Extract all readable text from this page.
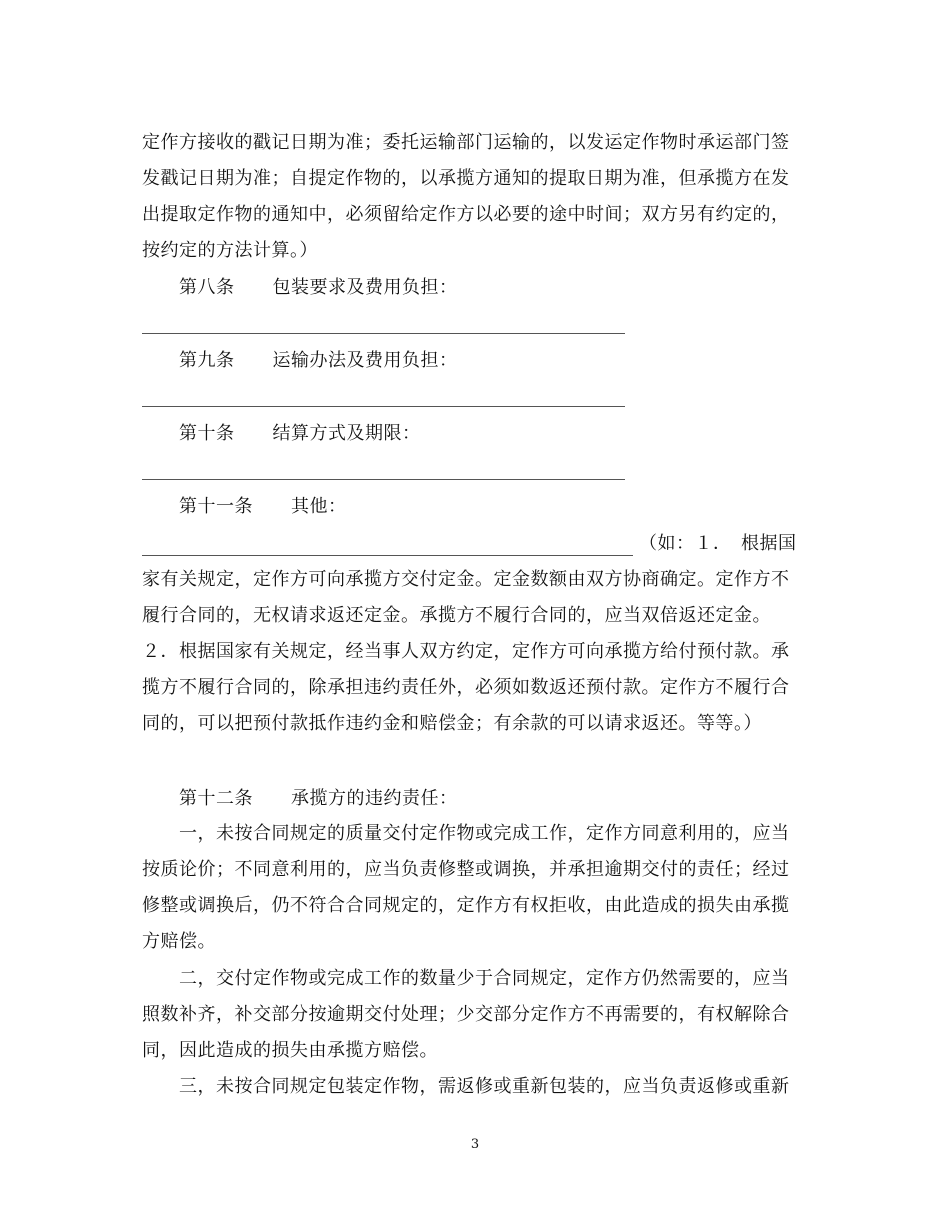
定作方接收的戳记日期为准；委托运输部门运输的，以发运定作物时承运部门签
发戳记日期为准；自提定作物的，以承揽方通知的提取日期为准，但承揽方在发
出提取定作物的通知中，必须留给定作方以必要的途中时间；双方另有约定的，
按约定的方法计算。）
第八条 包装要求及费用负担：
第九条 运输办法及费用负担：
第十条 结算方式及期限：
第十一条 其他：
（如：１．　根据国
家有关规定，定作方可向承揽方交付定金。定金数额由双方协商确定。定作方不
履行合同的，无权请求返还定金。承揽方不履行合同的，应当双倍返还定金。
２．根据国家有关规定，经当事人双方约定，定作方可向承揽方给付预付款。承
揽方不履行合同的，除承担违约责任外，必须如数返还预付款。定作方不履行合
同的，可以把预付款抵作违约金和赔偿金；有余款的可以请求返还。等等。）
第十二条 承揽方的违约责任：
一，未按合同规定的质量交付定作物或完成工作，定作方同意利用的，应当
按质论价；不同意利用的，应当负责修整或调换，并承担逾期交付的责任；经过
修整或调换后，仍不符合合同规定的，定作方有权拒收，由此造成的损失由承揽
方赔偿。
二，交付定作物或完成工作的数量少于合同规定，定作方仍然需要的，应当
照数补齐，补交部分按逾期交付处理；少交部分定作方不再需要的，有权解除合
同，因此造成的损失由承揽方赔偿。
三，未按合同规定包装定作物，需返修或重新包装的，应当负责返修或重新
3
